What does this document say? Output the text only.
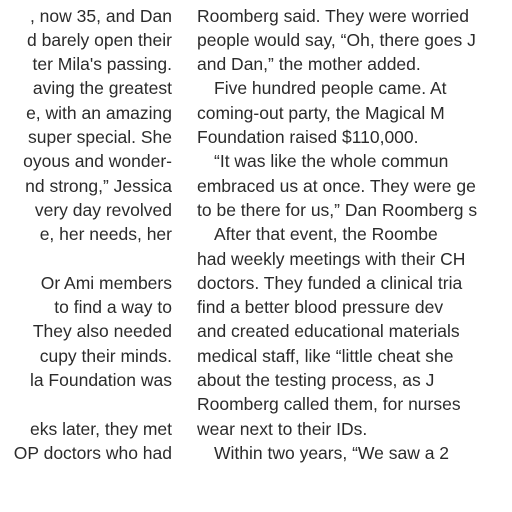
, now 35, and Dan
d barely open their
ter Mila's passing.
aving the greatest
e, with an amazing
super special. She
oyous and wonder-
nd strong,” Jessica
very day revolved
e, her needs, her
Or Ami members
to find a way to
They also needed
cupy their minds.
la Foundation was
eks later, they met
OP doctors who had
Roomberg said. They were worried
people would say, “Oh, there goes J
and Dan,” the mother added.
Five hundred people came. At
coming-out party, the Magical M
Foundation raised $110,000.
“It was like the whole commun
embraced us at once. They were ge
to be there for us,” Dan Roomberg s
After that event, the Roombe
had weekly meetings with their CH
doctors. They funded a clinical tria
find a better blood pressure dev
and created educational materials
medical staff, like “little cheat she
about the testing process, as J
Roomberg called them, for nurses
wear next to their IDs.
Within two years, “We saw a 2
